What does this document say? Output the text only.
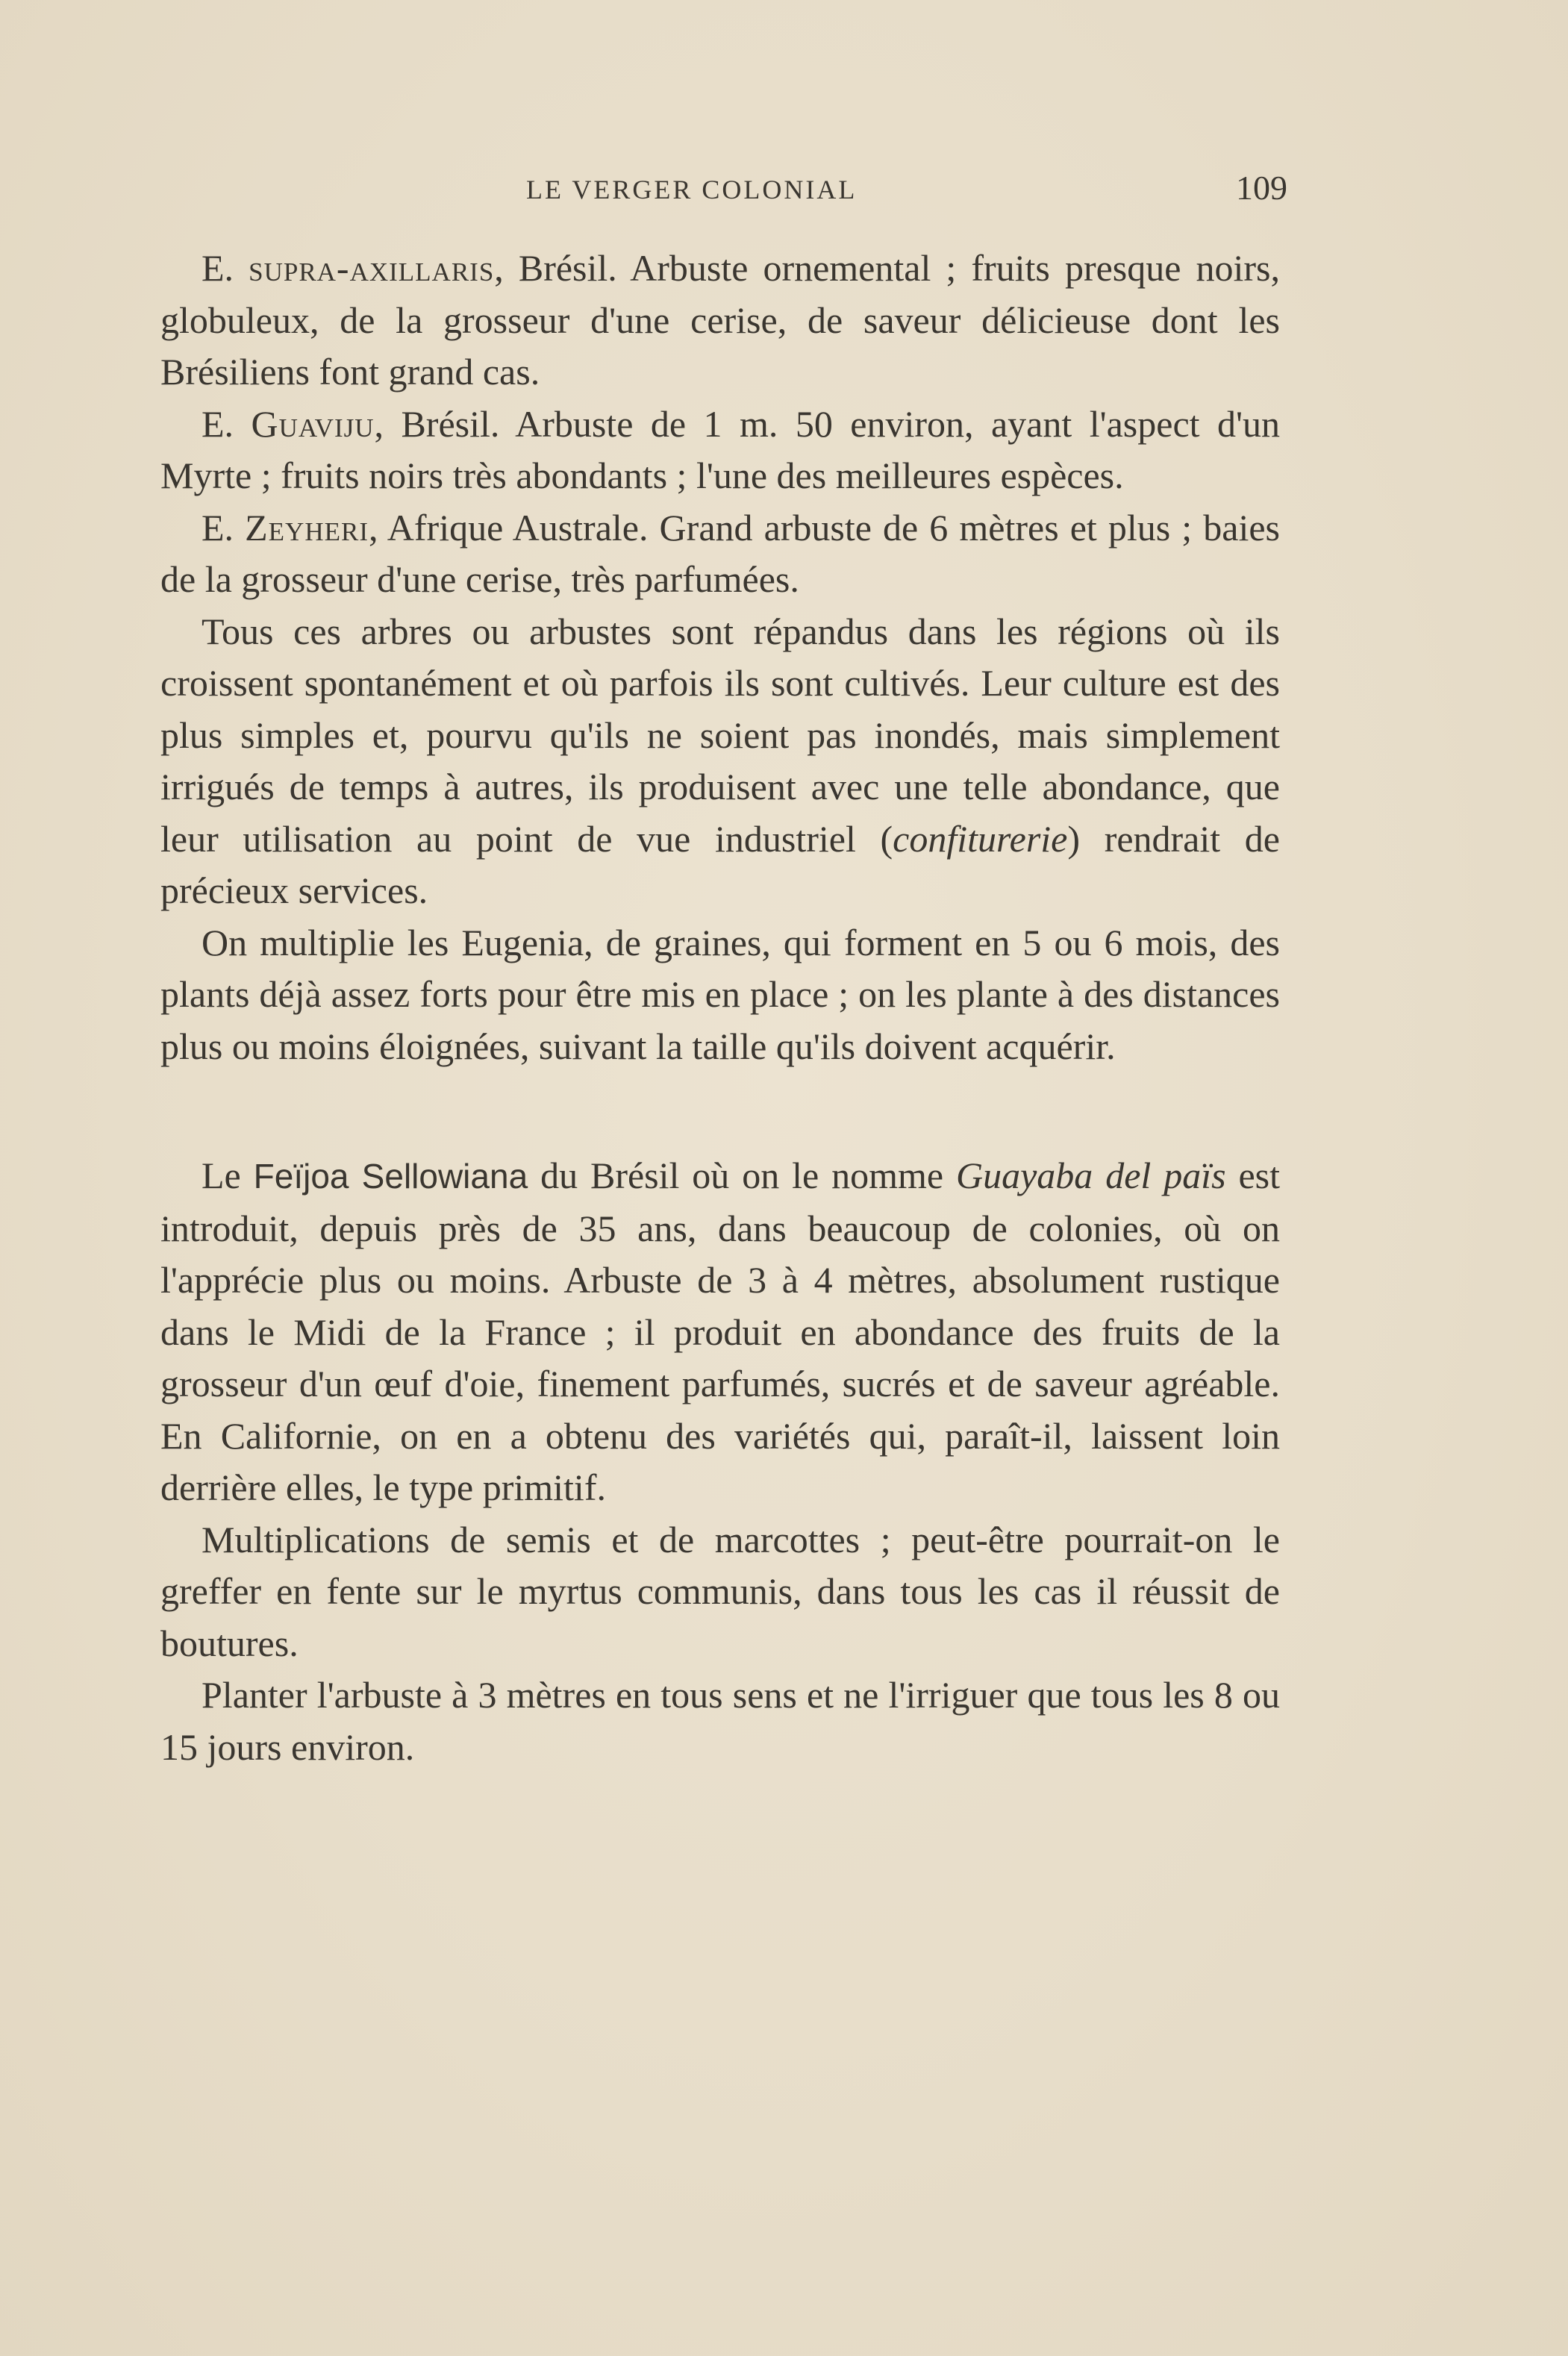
LE VERGER COLONIAL	109

E. supra-axillaris, Brésil. Arbuste ornemental ; fruits presque noirs, globuleux, de la grosseur d'une cerise, de saveur délicieuse dont les Brésiliens font grand cas.

E. Guaviju, Brésil. Arbuste de 1 m. 50 environ, ayant l'aspect d'un Myrte ; fruits noirs très abondants ; l'une des meilleures espèces.

E. Zeyheri, Afrique Australe. Grand arbuste de 6 mètres et plus ; baies de la grosseur d'une cerise, très parfumées.

Tous ces arbres ou arbustes sont répandus dans les régions où ils croissent spontanément et où parfois ils sont cultivés. Leur culture est des plus simples et, pourvu qu'ils ne soient pas inondés, mais simplement irrigués de temps à autres, ils produisent avec une telle abondance, que leur utilisation au point de vue industriel (confiturerie) rendrait de précieux services.

On multiplie les Eugenia, de graines, qui forment en 5 ou 6 mois, des plants déjà assez forts pour être mis en place ; on les plante à des distances plus ou moins éloignées, suivant la taille qu'ils doivent acquérir.

Le Feïjoa Sellowiana du Brésil où on le nomme Guayaba del païs est introduit, depuis près de 35 ans, dans beaucoup de colonies, où on l'apprécie plus ou moins. Arbuste de 3 à 4 mètres, absolument rustique dans le Midi de la France ; il produit en abondance des fruits de la grosseur d'un œuf d'oie, finement parfumés, sucrés et de saveur agréable. En Californie, on en a obtenu des variétés qui, paraît-il, laissent loin derrière elles, le type primitif.

Multiplications de semis et de marcottes ; peut-être pourrait-on le greffer en fente sur le myrtus communis, dans tous les cas il réussit de boutures.

Planter l'arbuste à 3 mètres en tous sens et ne l'irriguer que tous les 8 ou 15 jours environ.
